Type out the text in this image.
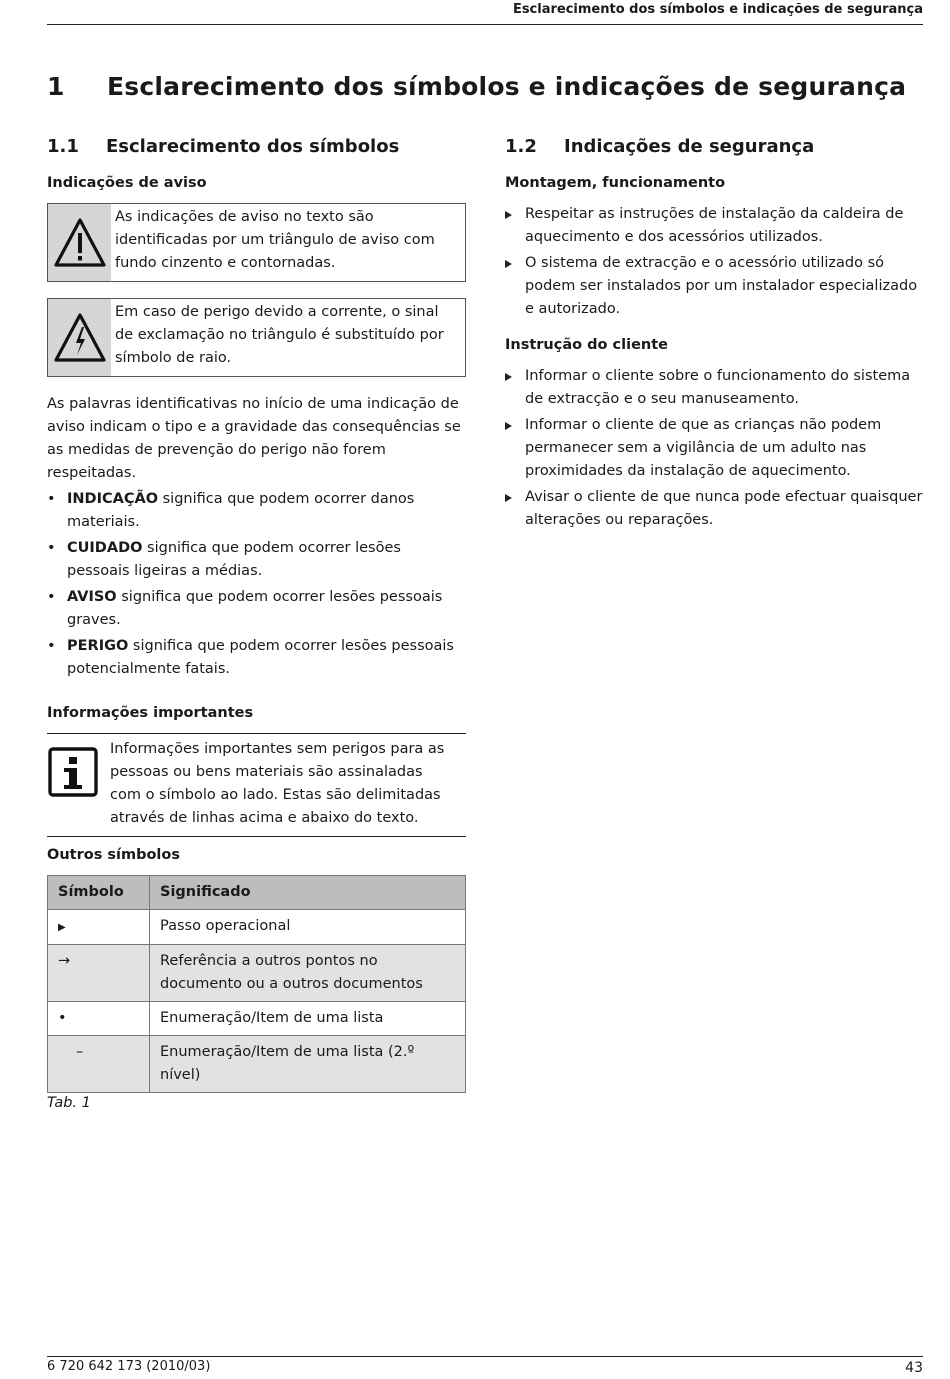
Esclarecimento dos símbolos e indicações de segurança
1 Esclarecimento dos símbolos e indicações de segurança
1.1 Esclarecimento dos símbolos
Indicações de aviso

As indicações de aviso no texto são identificadas por um triângulo de aviso com fundo cinzento e contornadas.

Em caso de perigo devido a corrente, o sinal de exclamação no triângulo é substituído por símbolo de raio.

As palavras identificativas no início de uma indicação de aviso indicam o tipo e a gravidade das consequências se as medidas de prevenção do perigo não forem respeitadas.

• INDICAÇÃO significa que podem ocorrer danos materiais.
• CUIDADO significa que podem ocorrer lesões pessoais ligeiras a médias.
• AVISO significa que podem ocorrer lesões pessoais graves.
• PERIGO significa que podem ocorrer lesões pessoais potencialmente fatais.
Informações importantes

Informações importantes sem perigos para as pessoas ou bens materiais são assinaladas com o símbolo ao lado. Estas são delimitadas através de linhas acima e abaixo do texto.

Outros símbolos
Símbolo	Significado
▶	Passo operacional
→	Referência a outros pontos no documento ou a outros documentos
•	Enumeração/Item de uma lista
–	Enumeração/Item de uma lista (2.º nível)
Tab. 1
1.2 Indicações de segurança
Montagem, funcionamento
Respeitar as instruções de instalação da caldeira de aquecimento e dos acessórios utilizados.
O sistema de extracção e o acessório utilizado só podem ser instalados por um instalador especializado e autorizado.
Instrução do cliente
Informar o cliente sobre o funcionamento do sistema de extracção e o seu manuseamento.
Informar o cliente de que as crianças não podem permanecer sem a vigilância de um adulto nas proximidades da instalação de aquecimento.
Avisar o cliente de que nunca pode efectuar quaisquer alterações ou reparações.
6 720 642 173 (2010/03)	43
